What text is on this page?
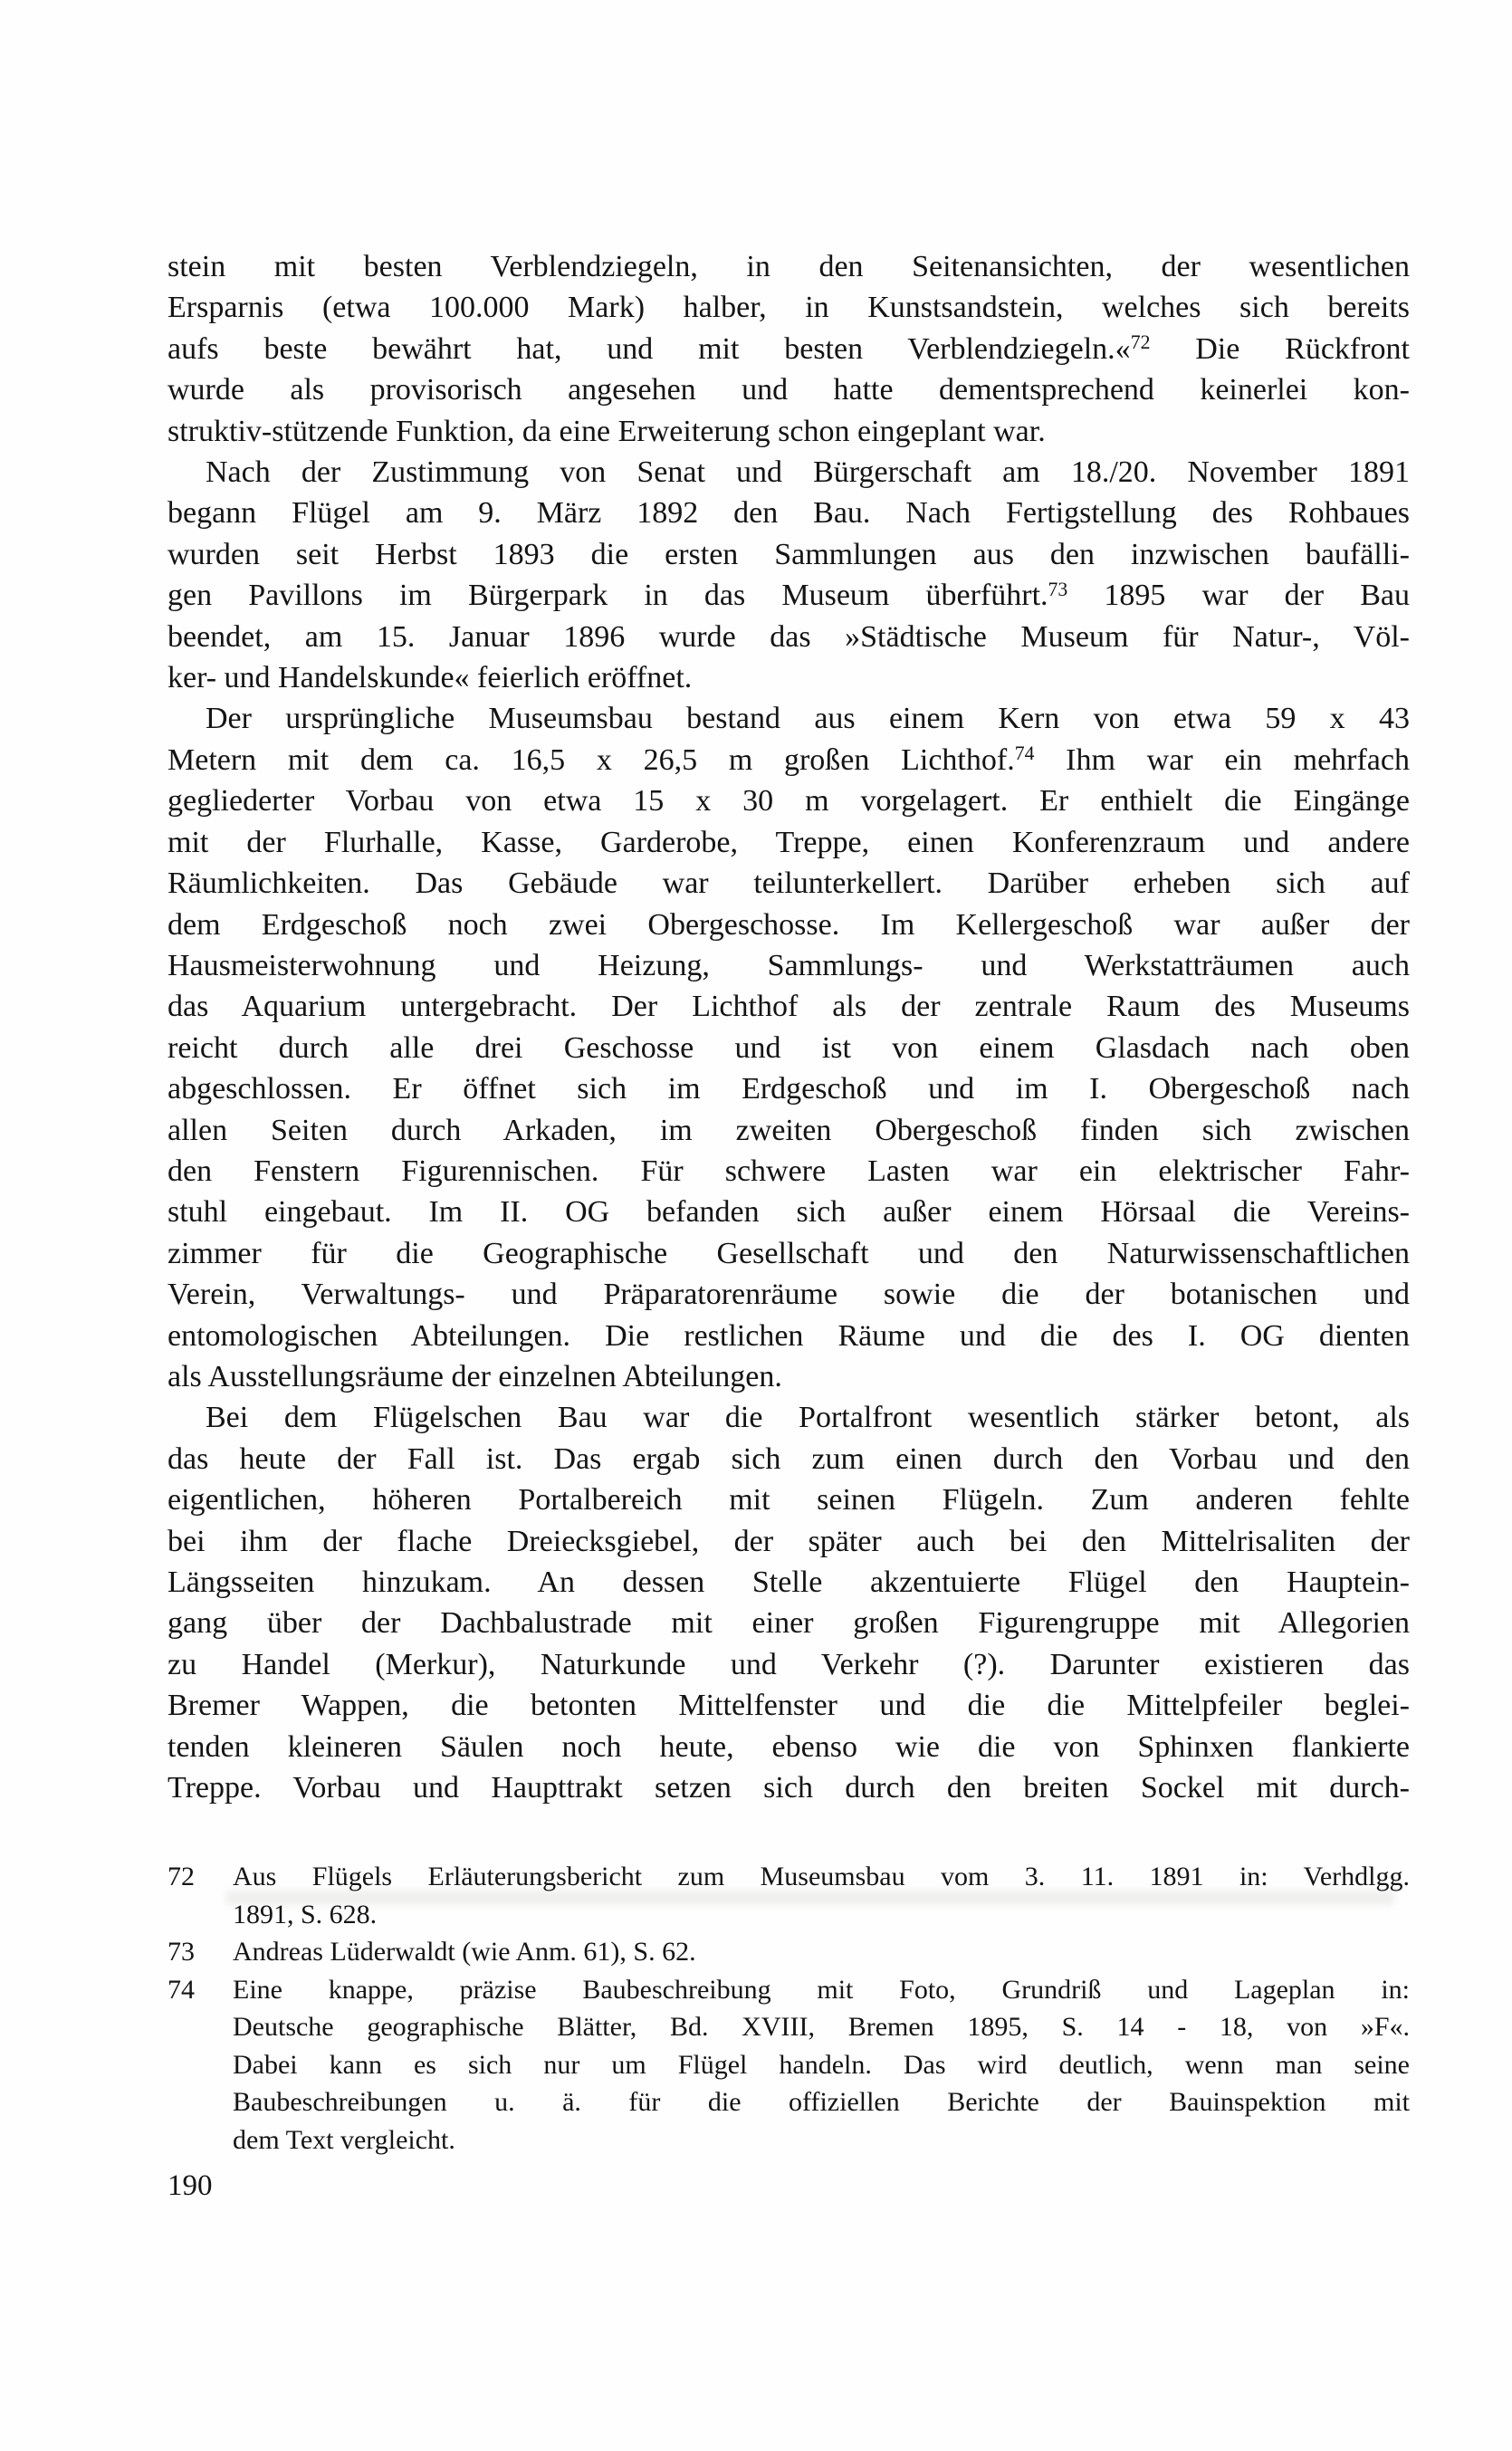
stein mit besten Verblendziegeln, in den Seitenansichten, der wesentlichen
Ersparnis (etwa 100.000 Mark) halber, in Kunstsandstein, welches sich bereits
aufs beste bewährt hat, und mit besten Verblendziegeln.«$^{72}$ Die Rückfront
wurde als provisorisch angesehen und hatte dementsprechend keinerlei kon-
struktiv-stützende Funktion, da eine Erweiterung schon eingeplant war.
Nach der Zustimmung von Senat und Bürgerschaft am 18./20. November 1891
begann Flügel am 9. März 1892 den Bau. Nach Fertigstellung des Rohbaues
wurden seit Herbst 1893 die ersten Sammlungen aus den inzwischen baufälli-
gen Pavillons im Bürgerpark in das Museum überführt.$^{73}$ 1895 war der Bau
beendet, am 15. Januar 1896 wurde das »Städtische Museum für Natur-, Völ-
ker- und Handelskunde« feierlich eröffnet.
Der ursprüngliche Museumsbau bestand aus einem Kern von etwa 59 x 43
Metern mit dem ca. 16,5 x 26,5 m großen Lichthof.$^{74}$ Ihm war ein mehrfach
gegliederter Vorbau von etwa 15 x 30 m vorgelagert. Er enthielt die Eingänge
mit der Flurhalle, Kasse, Garderobe, Treppe, einen Konferenzraum und andere
Räumlichkeiten. Das Gebäude war teilunterkellert. Darüber erheben sich auf
dem Erdgeschoß noch zwei Obergeschosse. Im Kellergeschoß war außer der
Hausmeisterwohnung und Heizung, Sammlungs- und Werkstatträumen auch
das Aquarium untergebracht. Der Lichthof als der zentrale Raum des Museums
reicht durch alle drei Geschosse und ist von einem Glasdach nach oben
abgeschlossen. Er öffnet sich im Erdgeschoß und im I. Obergeschoß nach
allen Seiten durch Arkaden, im zweiten Obergeschoß finden sich zwischen
den Fenstern Figurennischen. Für schwere Lasten war ein elektrischer Fahr-
stuhl eingebaut. Im II. OG befanden sich außer einem Hörsaal die Vereins-
zimmer für die Geographische Gesellschaft und den Naturwissenschaftlichen
Verein, Verwaltungs- und Präparatorenräume sowie die der botanischen und
entomologischen Abteilungen. Die restlichen Räume und die des I. OG dienten
als Ausstellungsräume der einzelnen Abteilungen.
Bei dem Flügelschen Bau war die Portalfront wesentlich stärker betont, als
das heute der Fall ist. Das ergab sich zum einen durch den Vorbau und den
eigentlichen, höheren Portalbereich mit seinen Flügeln. Zum anderen fehlte
bei ihm der flache Dreiecksgiebel, der später auch bei den Mittelrisaliten der
Längsseiten hinzukam. An dessen Stelle akzentuierte Flügel den Hauptein-
gang über der Dachbalustrade mit einer großen Figurengruppe mit Allegorien
zu Handel (Merkur), Naturkunde und Verkehr (?). Darunter existieren das
Bremer Wappen, die betonten Mittelfenster und die die Mittelpfeiler beglei-
tenden kleineren Säulen noch heute, ebenso wie die von Sphinxen flankierte
Treppe. Vorbau und Haupttrakt setzen sich durch den breiten Sockel mit durch-
72	Aus Flügels Erläuterungsbericht zum Museumsbau vom 3. 11. 1891 in: Verhdlgg.
1891, S. 628.
73	Andreas Lüderwaldt (wie Anm. 61), S. 62.
74	Eine knappe, präzise Baubeschreibung mit Foto, Grundriß und Lageplan in:
Deutsche geographische Blätter, Bd. XVIII, Bremen 1895, S. 14 - 18, von »F«.
Dabei kann es sich nur um Flügel handeln. Das wird deutlich, wenn man seine
Baubeschreibungen u. ä. für die offiziellen Berichte der Bauinspektion mit
dem Text vergleicht.
190
